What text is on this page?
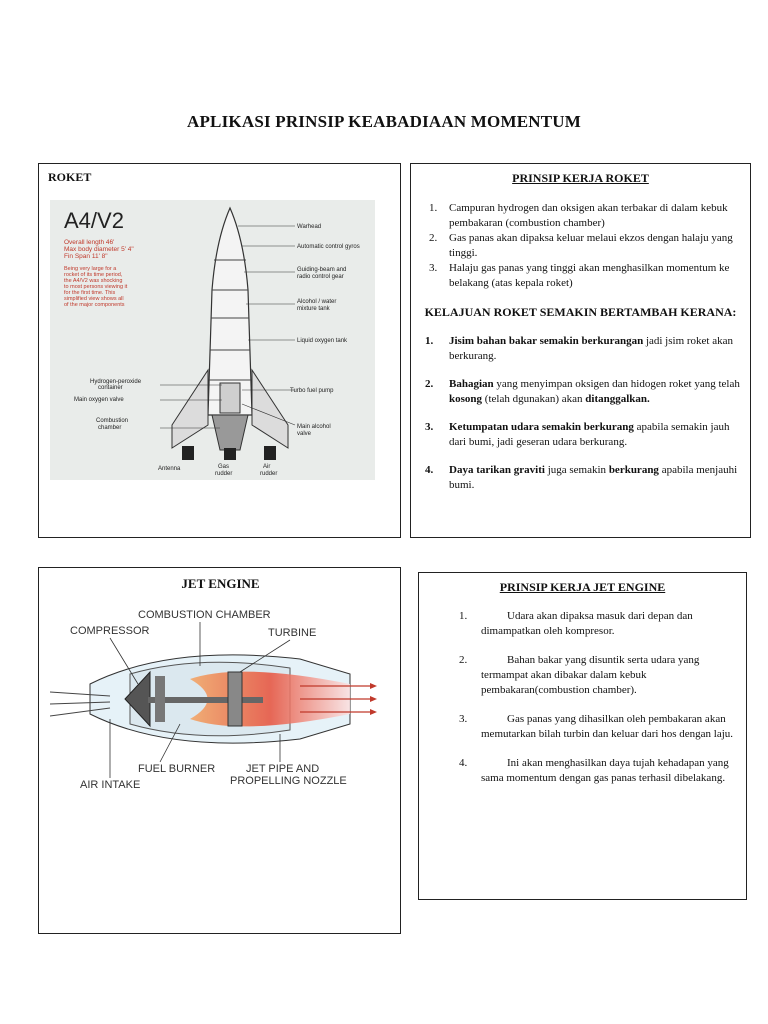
APLIKASI PRINSIP KEABADIAAN MOMENTUM
ROKET
A4/V2
Overall length 46'
Max body diameter 5' 4"
Fin Span 11' 8"
Being very large for a
rocket of its time period,
the A4/V2 was shocking
to most persons viewing it
for the first time. This
simplified view shows all
of the major components
Warhead
Automatic control gyros
Guiding-beam and
radio control gear
Alcohol / water
mixture tank
Liquid oxygen tank
Turbo fuel pump
Main alcohol
valve
Hydrogen-peroxide
container
Main oxygen valve
Combustion
chamber
Antenna	Gas
rudder
Air
rudder
PRINSIP KERJA ROKET
1. Campuran hydrogen dan oksigen akan terbakar di dalam kebuk pembakaran (combustion chamber)
2. Gas panas akan dipaksa keluar melaui ekzos dengan halaju yang tinggi.
3. Halaju gas panas yang tinggi akan menghasilkan momentum ke belakang (atas kepala roket)
KELAJUAN ROKET SEMAKIN BERTAMBAH KERANA:
1. Jisim bahan bakar semakin berkurangan jadi jsim roket akan berkurang.
2. Bahagian yang menyimpan oksigen dan hidogen roket yang telah kosong (telah dgunakan) akan ditanggalkan.
3. Ketumpatan udara semakin berkurang apabila semakin jauh dari bumi, jadi geseran udara berkurang.
4. Daya tarikan graviti juga semakin berkurang apabila menjauhi bumi.
JET ENGINE
COMBUSTION CHAMBER
COMPRESSOR	TURBINE
FUEL BURNER
AIR INTAKE
JET PIPE AND
PROPELLING NOZZLE
PRINSIP KERJA JET ENGINE
1.	Udara akan dipaksa masuk dari depan dan dimampatkan oleh kompresor.
2.	Bahan bakar yang disuntik serta udara yang termampat akan dibakar dalam kebuk pembakaran(combustion chamber).
3.	Gas panas yang dihasilkan oleh pembakaran akan memutarkan bilah turbin dan keluar dari hos dengan laju.
4.	Ini akan menghasilkan daya tujah kehadapan yang sama momentum dengan gas panas terhasil dibelakang.
